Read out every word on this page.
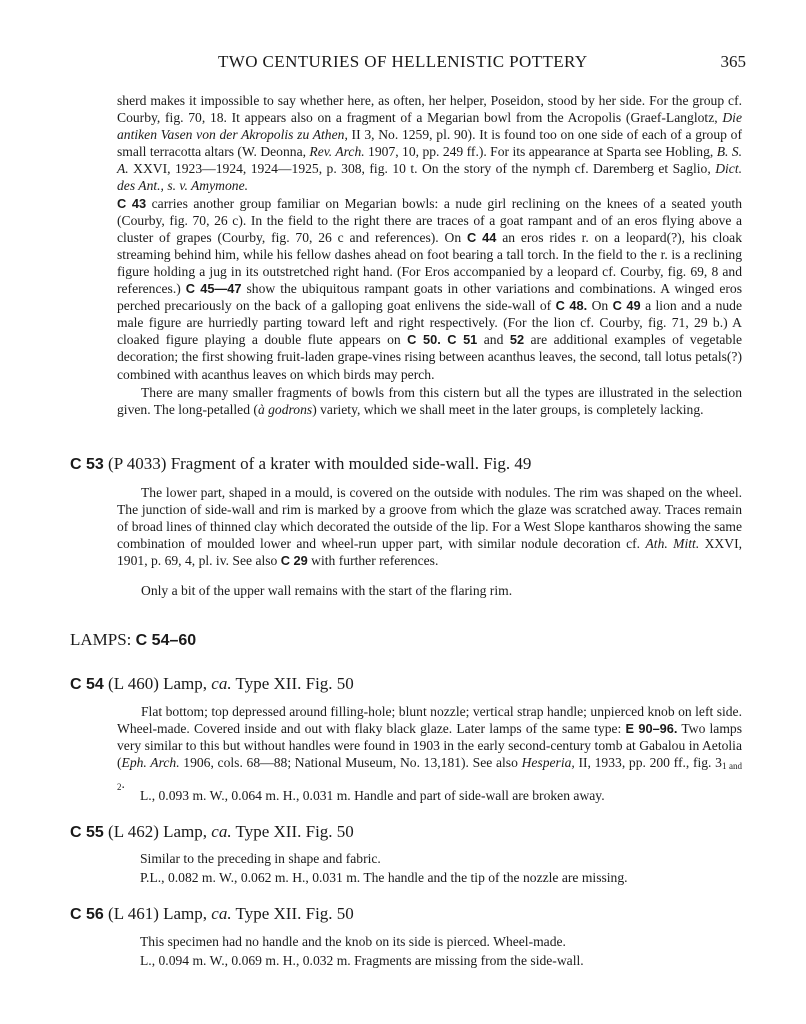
TWO CENTURIES OF HELLENISTIC POTTERY	365

sherd makes it impossible to say whether here, as often, her helper, Poseidon, stood by her side. For the group cf. Courby, fig. 70, 18. It appears also on a fragment of a Megarian bowl from the Acropolis (Graef-Langlotz, Die antiken Vasen von der Akropolis zu Athen, II 3, No. 1259, pl. 90). It is found too on one side of each of a group of small terracotta altars (W. Deonna, Rev. Arch. 1907, 10, pp. 249 ff.). For its appearance at Sparta see Hobling, B. S. A. XXVI, 1923—1924, 1924—1925, p. 308, fig. 10 t. On the story of the nymph cf. Daremberg et Saglio, Dict. des Ant., s. v. Amymone.
C 43 carries another group familiar on Megarian bowls: a nude girl reclining on the knees of a seated youth (Courby, fig. 70, 26 c). In the field to the right there are traces of a goat rampant and of an eros flying above a cluster of grapes (Courby, fig. 70, 26 c and references). On C 44 an eros rides r. on a leopard(?), his cloak streaming behind him, while his fellow dashes ahead on foot bearing a tall torch. In the field to the r. is a reclining figure holding a jug in its outstretched right hand. (For Eros accompanied by a leopard cf. Courby, fig. 69, 8 and references.) C 45—47 show the ubiquitous rampant goats in other variations and combinations. A winged eros perched precariously on the back of a galloping goat enlivens the side-wall of C 48. On C 49 a lion and a nude male figure are hurriedly parting toward left and right respectively. (For the lion cf. Courby, fig. 71, 29 b.) A cloaked figure playing a double flute appears on C 50. C 51 and 52 are additional examples of vegetable decoration; the first showing fruit-laden grape-vines rising between acanthus leaves, the second, tall lotus petals(?) combined with acanthus leaves on which birds may perch.

There are many smaller fragments of bowls from this cistern but all the types are illustrated in the selection given. The long-petalled (à godrons) variety, which we shall meet in the later groups, is completely lacking.

C 53 (P 4033) Fragment of a krater with moulded side-wall. Fig. 49

The lower part, shaped in a mould, is covered on the outside with nodules. The rim was shaped on the wheel. The junction of side-wall and rim is marked by a groove from which the glaze was scratched away. Traces remain of broad lines of thinned clay which decorated the outside of the lip. For a West Slope kantharos showing the same combination of moulded lower and wheel-run upper part, with similar nodule decoration cf. Ath. Mitt. XXVI, 1901, p. 69, 4, pl. iv. See also C 29 with further references.

Only a bit of the upper wall remains with the start of the flaring rim.

LAMPS: C 54–60
C 54 (L 460) Lamp, ca. Type XII. Fig. 50

Flat bottom; top depressed around filling-hole; blunt nozzle; vertical strap handle; unpierced knob on left side. Wheel-made. Covered inside and out with flaky black glaze. Later lamps of the same type: E 90–96. Two lamps very similar to this but without handles were found in 1903 in the early second-century tomb at Gabalou in Aetolia (Eph. Arch. 1906, cols. 68—88; National Museum, No. 13,181). See also Hesperia, II, 1933, pp. 200 ff., fig. $3_1$ $_{and}$ $_2$.

L., 0.093 m. W., 0.064 m. H., 0.031 m. Handle and part of side-wall are broken away.

C 55 (L 462) Lamp, ca. Type XII. Fig. 50

Similar to the preceding in shape and fabric.

P.L., 0.082 m. W., 0.062 m. H., 0.031 m. The handle and the tip of the nozzle are missing.

C 56 (L 461) Lamp, ca. Type XII. Fig. 50

This specimen had no handle and the knob on its side is pierced. Wheel-made.

L., 0.094 m. W., 0.069 m. H., 0.032 m. Fragments are missing from the side-wall.
